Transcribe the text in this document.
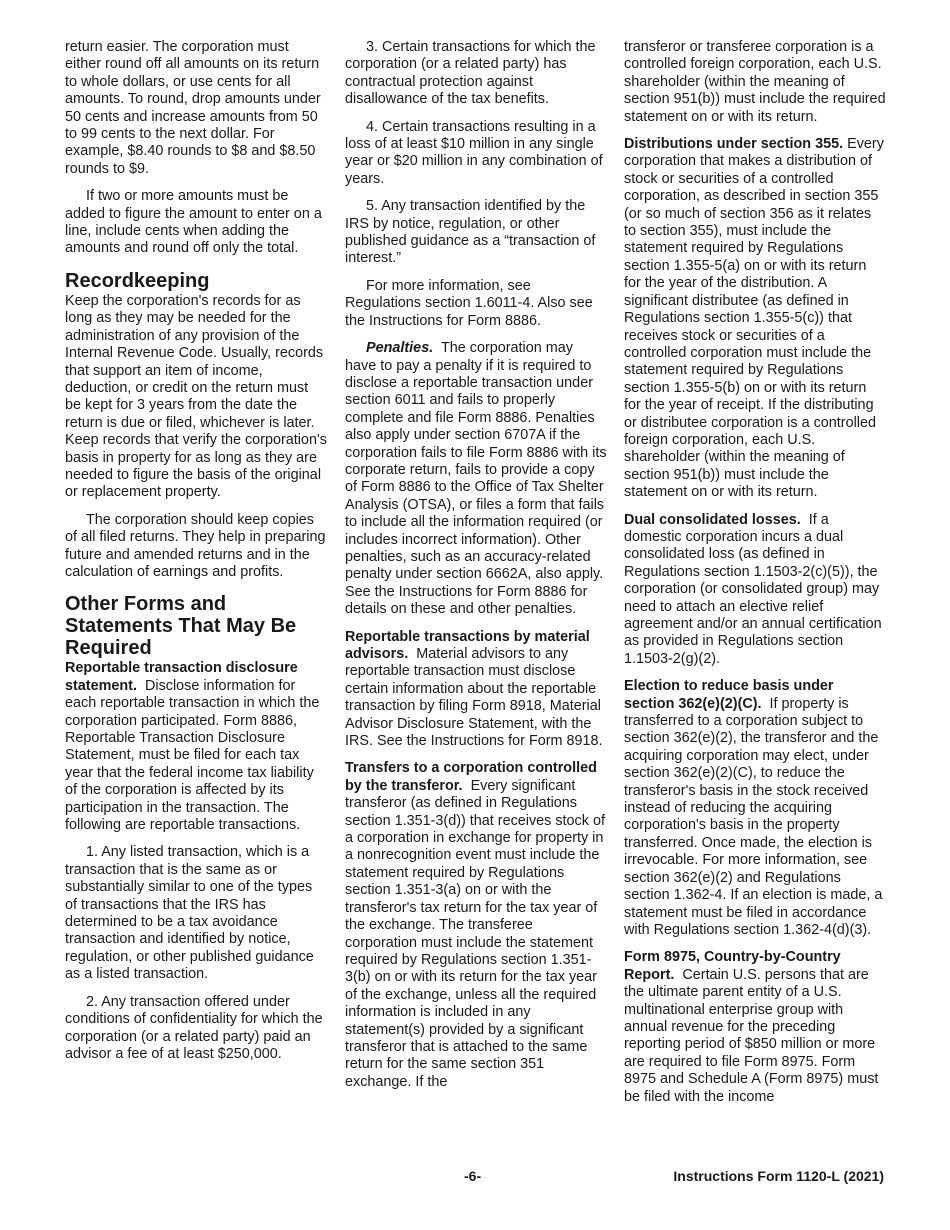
return easier. The corporation must either round off all amounts on its return to whole dollars, or use cents for all amounts. To round, drop amounts under 50 cents and increase amounts from 50 to 99 cents to the next dollar. For example, $8.40 rounds to $8 and $8.50 rounds to $9.

If two or more amounts must be added to figure the amount to enter on a line, include cents when adding the amounts and round off only the total.

Recordkeeping

Keep the corporation's records for as long as they may be needed for the administration of any provision of the Internal Revenue Code. Usually, records that support an item of income, deduction, or credit on the return must be kept for 3 years from the date the return is due or filed, whichever is later. Keep records that verify the corporation's basis in property for as long as they are needed to figure the basis of the original or replacement property.

The corporation should keep copies of all filed returns. They help in preparing future and amended returns and in the calculation of earnings and profits.

Other Forms and Statements That May Be Required

Reportable transaction disclosure statement. Disclose information for each reportable transaction in which the corporation participated. Form 8886, Reportable Transaction Disclosure Statement, must be filed for each tax year that the federal income tax liability of the corporation is affected by its participation in the transaction. The following are reportable transactions.

1. Any listed transaction, which is a transaction that is the same as or substantially similar to one of the types of transactions that the IRS has determined to be a tax avoidance transaction and identified by notice, regulation, or other published guidance as a listed transaction.

2. Any transaction offered under conditions of confidentiality for which the corporation (or a related party) paid an advisor a fee of at least $250,000.

3. Certain transactions for which the corporation (or a related party) has contractual protection against disallowance of the tax benefits.

4. Certain transactions resulting in a loss of at least $10 million in any single year or $20 million in any combination of years.

5. Any transaction identified by the IRS by notice, regulation, or other published guidance as a “transaction of interest.”

For more information, see Regulations section 1.6011-4. Also see the Instructions for Form 8886.

Penalties. The corporation may have to pay a penalty if it is required to disclose a reportable transaction under section 6011 and fails to properly complete and file Form 8886. Penalties also apply under section 6707A if the corporation fails to file Form 8886 with its corporate return, fails to provide a copy of Form 8886 to the Office of Tax Shelter Analysis (OTSA), or files a form that fails to include all the information required (or includes incorrect information). Other penalties, such as an accuracy-related penalty under section 6662A, also apply. See the Instructions for Form 8886 for details on these and other penalties.

Reportable transactions by material advisors. Material advisors to any reportable transaction must disclose certain information about the reportable transaction by filing Form 8918, Material Advisor Disclosure Statement, with the IRS. See the Instructions for Form 8918.

Transfers to a corporation controlled by the transferor. Every significant transferor (as defined in Regulations section 1.351-3(d)) that receives stock of a corporation in exchange for property in a nonrecognition event must include the statement required by Regulations section 1.351-3(a) on or with the transferor's tax return for the tax year of the exchange. The transferee corporation must include the statement required by Regulations section 1.351-3(b) on or with its return for the tax year of the exchange, unless all the required information is included in any statement(s) provided by a significant transferor that is attached to the same return for the same section 351 exchange. If the

transferor or transferee corporation is a controlled foreign corporation, each U.S. shareholder (within the meaning of section 951(b)) must include the required statement on or with its return.

Distributions under section 355. Every corporation that makes a distribution of stock or securities of a controlled corporation, as described in section 355 (or so much of section 356 as it relates to section 355), must include the statement required by Regulations section 1.355-5(a) on or with its return for the year of the distribution. A significant distributee (as defined in Regulations section 1.355-5(c)) that receives stock or securities of a controlled corporation must include the statement required by Regulations section 1.355-5(b) on or with its return for the year of receipt. If the distributing or distributee corporation is a controlled foreign corporation, each U.S. shareholder (within the meaning of section 951(b)) must include the statement on or with its return.

Dual consolidated losses. If a domestic corporation incurs a dual consolidated loss (as defined in Regulations section 1.1503-2(c)(5)), the corporation (or consolidated group) may need to attach an elective relief agreement and/or an annual certification as provided in Regulations section 1.1503-2(g)(2).

Election to reduce basis under section 362(e)(2)(C). If property is transferred to a corporation subject to section 362(e)(2), the transferor and the acquiring corporation may elect, under section 362(e)(2)(C), to reduce the transferor's basis in the stock received instead of reducing the acquiring corporation's basis in the property transferred. Once made, the election is irrevocable. For more information, see section 362(e)(2) and Regulations section 1.362-4. If an election is made, a statement must be filed in accordance with Regulations section 1.362-4(d)(3).

Form 8975, Country-by-Country Report. Certain U.S. persons that are the ultimate parent entity of a U.S. multinational enterprise group with annual revenue for the preceding reporting period of $850 million or more are required to file Form 8975. Form 8975 and Schedule A (Form 8975) must be filed with the income

-6-	Instructions Form 1120-L (2021)
